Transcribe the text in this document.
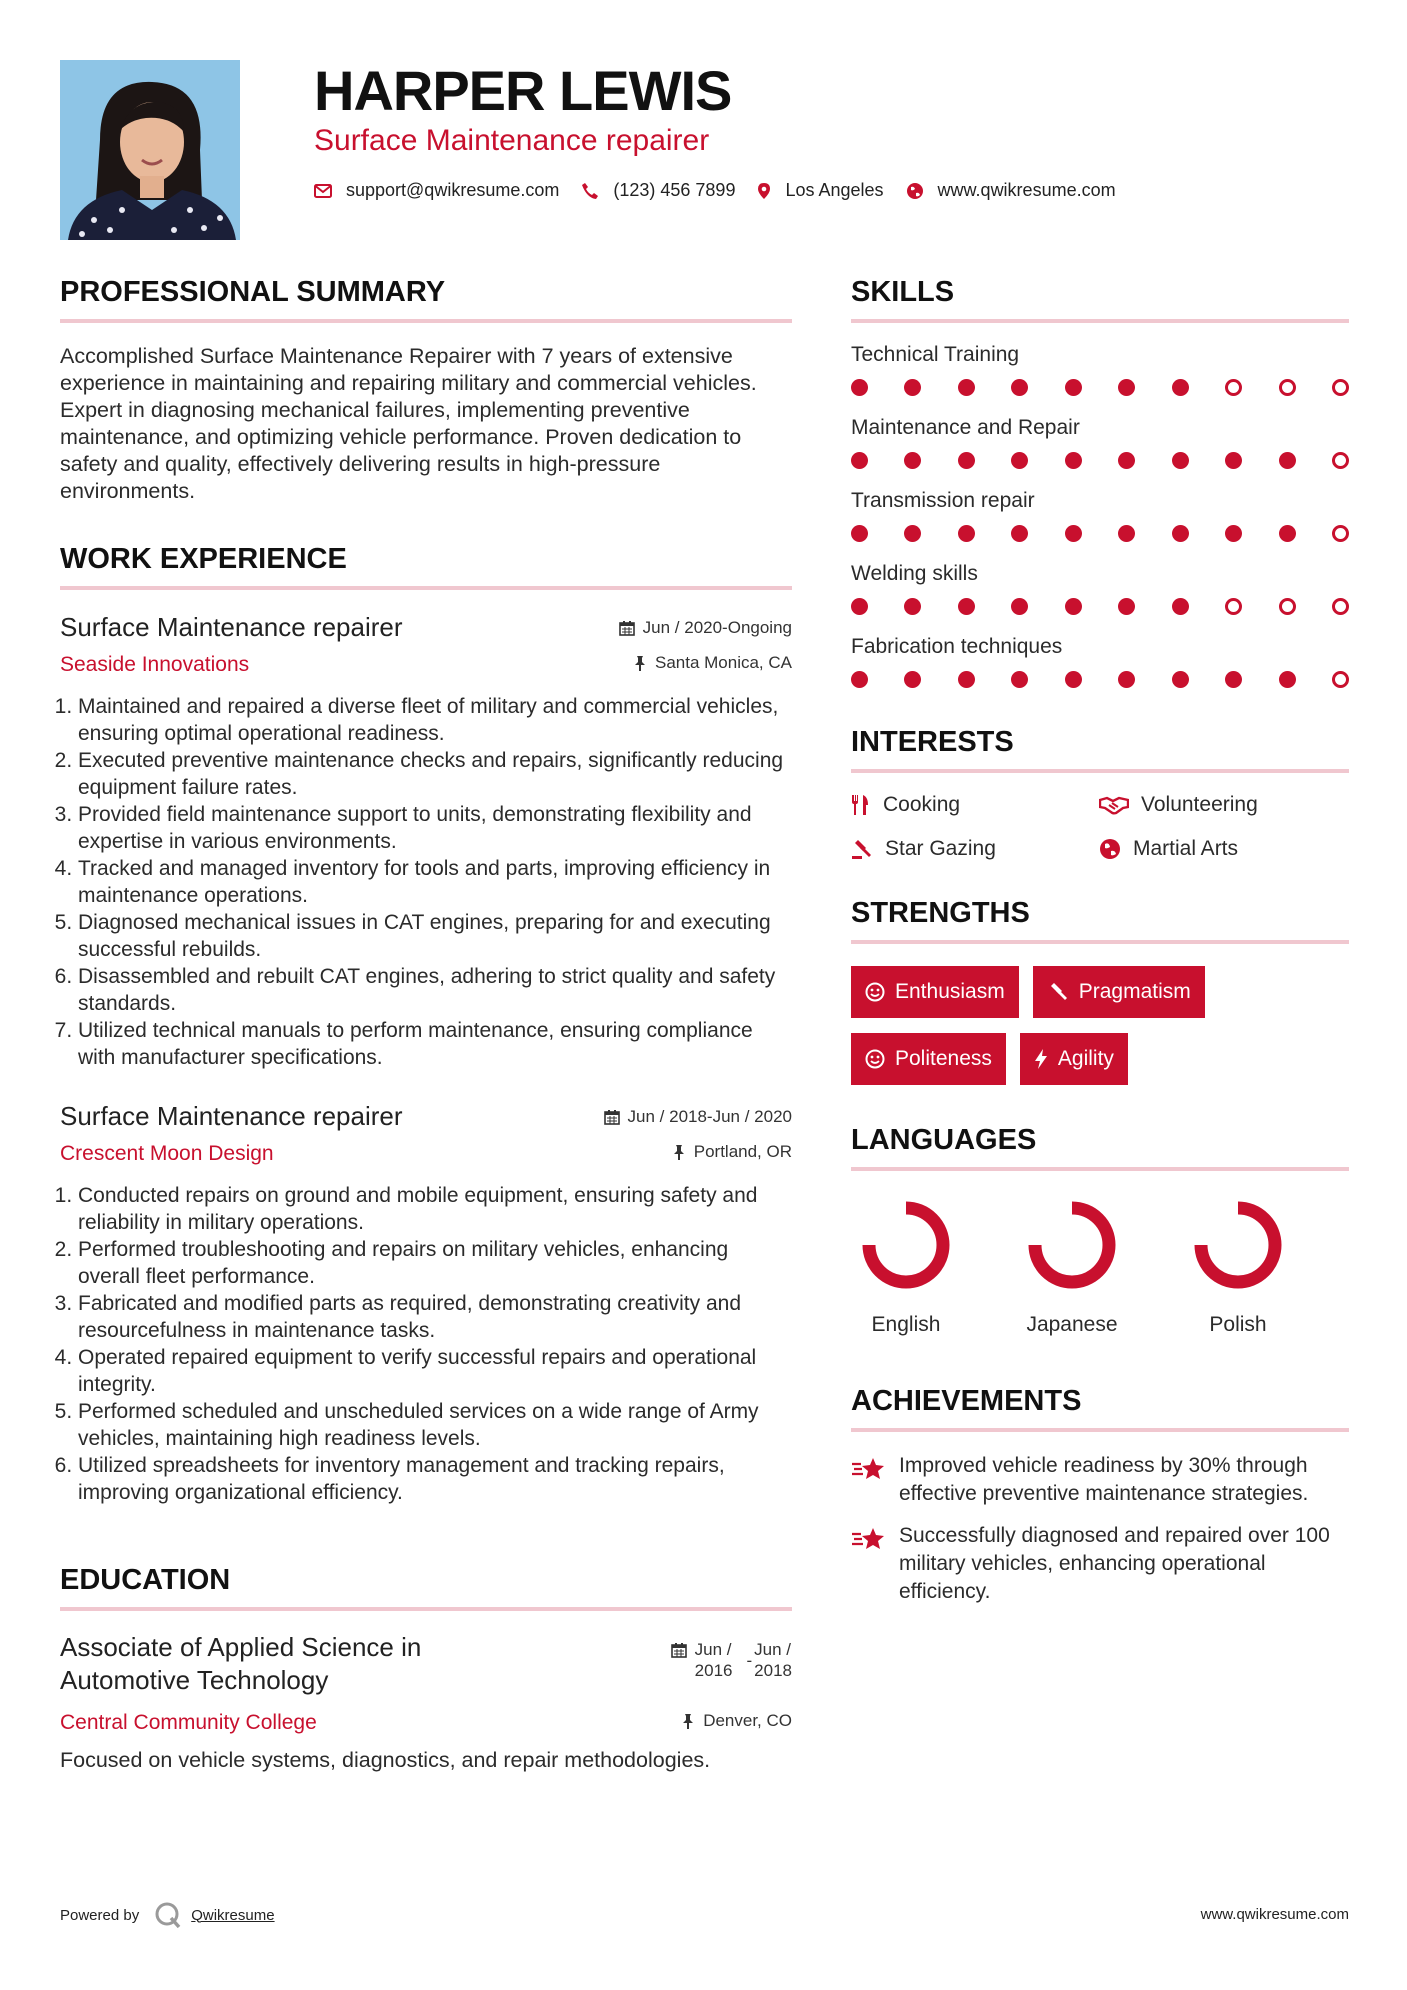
HARPER LEWIS
Surface Maintenance repairer
support@qwikresume.com	(123) 456 7899	Los Angeles	www.qwikresume.com
PROFESSIONAL SUMMARY

Accomplished Surface Maintenance Repairer with 7 years of extensive experience in maintaining and repairing military and commercial vehicles. Expert in diagnosing mechanical failures, implementing preventive maintenance, and optimizing vehicle performance. Proven dedication to safety and quality, effectively delivering results in high-pressure environments.

WORK EXPERIENCE
Surface Maintenance repairer	Jun / 2020-Ongoing
Seaside Innovations	Santa Monica, CA
1. Maintained and repaired a diverse fleet of military and commercial vehicles, ensuring optimal operational readiness.
2. Executed preventive maintenance checks and repairs, significantly reducing equipment failure rates.
3. Provided field maintenance support to units, demonstrating flexibility and expertise in various environments.
4. Tracked and managed inventory for tools and parts, improving efficiency in maintenance operations.
5. Diagnosed mechanical issues in CAT engines, preparing for and executing successful rebuilds.
6. Disassembled and rebuilt CAT engines, adhering to strict quality and safety standards.
7. Utilized technical manuals to perform maintenance, ensuring compliance with manufacturer specifications.
Surface Maintenance repairer	Jun / 2018-Jun / 2020
Crescent Moon Design	Portland, OR
1. Conducted repairs on ground and mobile equipment, ensuring safety and reliability in military operations.
2. Performed troubleshooting and repairs on military vehicles, enhancing overall fleet performance.
3. Fabricated and modified parts as required, demonstrating creativity and resourcefulness in maintenance tasks.
4. Operated repaired equipment to verify successful repairs and operational integrity.
5. Performed scheduled and unscheduled services on a wide range of Army vehicles, maintaining high readiness levels.
6. Utilized spreadsheets for inventory management and tracking repairs, improving organizational efficiency.
EDUCATION
Associate of Applied Science in Automotive Technology
Jun /
2016
-
Jun /
2018
Central Community College	Denver, CO

Focused on vehicle systems, diagnostics, and repair methodologies.

SKILLS
Technical Training
Maintenance and Repair
Transmission repair
Welding skills
Fabrication techniques
INTERESTS
Cooking	Volunteering
Star Gazing	Martial Arts
STRENGTHS
Enthusiasm	Pragmatism
Politeness	Agility
LANGUAGES
English	Japanese	Polish
ACHIEVEMENTS
Improved vehicle readiness by 30% through effective preventive maintenance strategies.
Successfully diagnosed and repaired over 100 military vehicles, enhancing operational efficiency.
Powered by	Qwikresume	www.qwikresume.com
